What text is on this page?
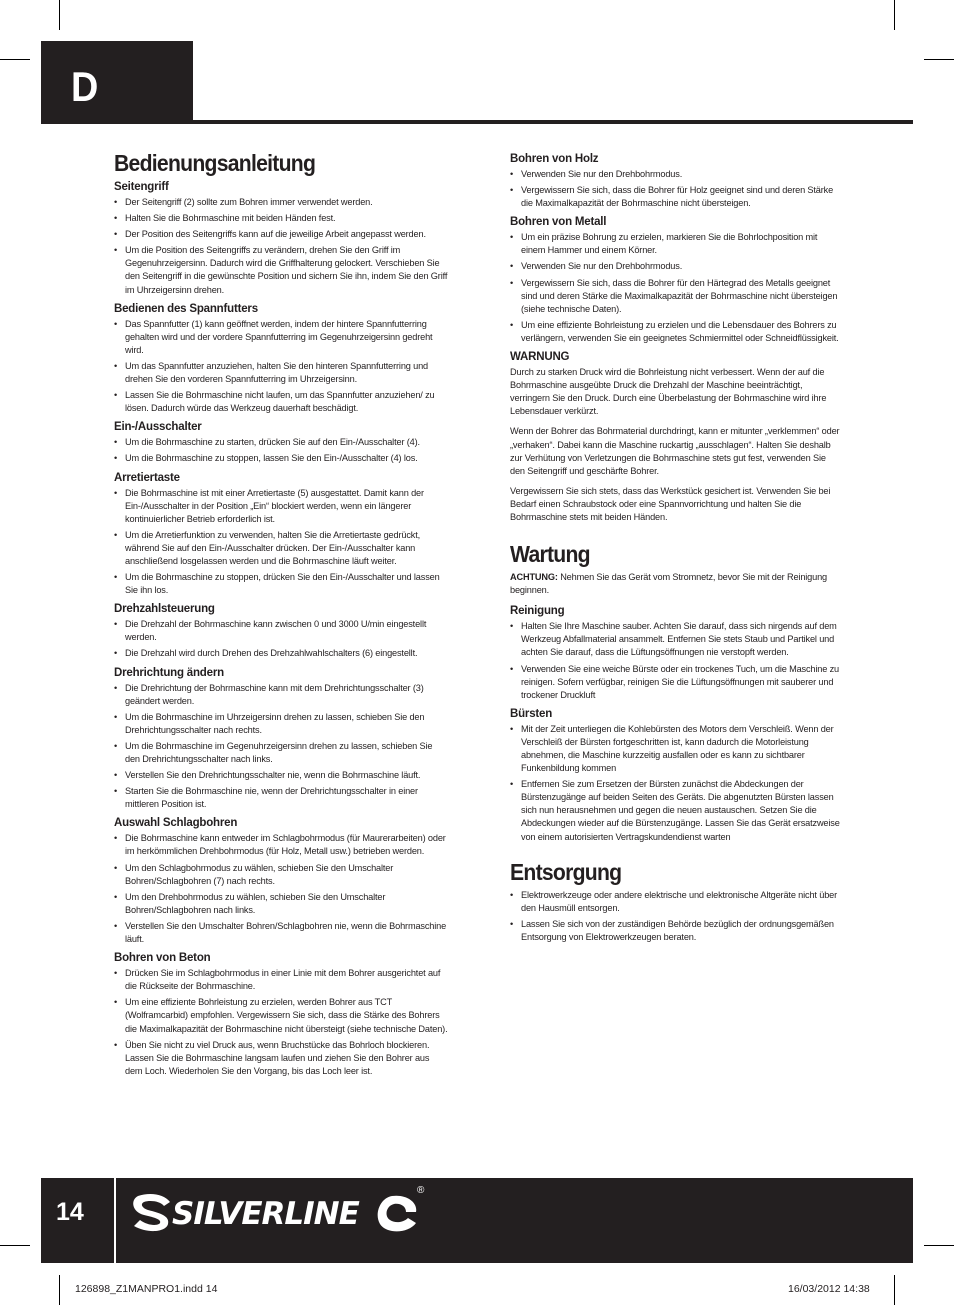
D
Bedienungsanleitung
Seitengriff
• Der Seitengriff (2) sollte zum Bohren immer verwendet werden.
• Halten Sie die Bohrmaschine mit beiden Händen fest.
• Der Position des Seitengriffs kann auf die jeweilige Arbeit angepasst werden.
• Um die Position des Seitengriffs zu verändern, drehen Sie den Griff im Gegenuhrzeigersinn. Dadurch wird die Griffhalterung gelockert. Verschieben Sie den Seitengriff in die gewünschte Position und sichern Sie ihn, indem Sie den Griff im Uhrzeigersinn drehen.
Bedienen des Spannfutters
• Das Spannfutter (1) kann geöffnet werden, indem der hintere Spannfutterring gehalten wird und der vordere Spannfutterring im Gegenuhrzeigersinn gedreht wird.
• Um das Spannfutter anzuziehen, halten Sie den hinteren Spannfutterring und drehen Sie den vorderen Spannfutterring im Uhrzeigersinn.
• Lassen Sie die Bohrmaschine nicht laufen, um das Spannfutter anzuziehen/ zu lösen. Dadurch würde das Werkzeug dauerhaft beschädigt.
Ein-/Ausschalter
• Um die Bohrmaschine zu starten, drücken Sie auf den Ein-/Ausschalter (4).
• Um die Bohrmaschine zu stoppen, lassen Sie den Ein-/Ausschalter (4) los.
Arretiertaste
• Die Bohrmaschine ist mit einer Arretiertaste (5) ausgestattet. Damit kann der Ein-/Ausschalter in der Position „Ein“ blockiert werden, wenn ein längerer kontinuierlicher Betrieb erforderlich ist.
• Um die Arretierfunktion zu verwenden, halten Sie die Arretiertaste gedrückt, während Sie auf den Ein-/Ausschalter drücken. Der Ein-/Ausschalter kann anschließend losgelassen werden und die Bohrmaschine läuft weiter.
• Um die Bohrmaschine zu stoppen, drücken Sie den Ein-/Ausschalter und lassen Sie ihn los.
Drehzahlsteuerung
• Die Drehzahl der Bohrmaschine kann zwischen 0 und 3000 U/min eingestellt werden.
• Die Drehzahl wird durch Drehen des Drehzahlwahlschalters (6) eingestellt.
Drehrichtung ändern
• Die Drehrichtung der Bohrmaschine kann mit dem Drehrichtungsschalter (3) geändert werden.
• Um die Bohrmaschine im Uhrzeigersinn drehen zu lassen, schieben Sie den Drehrichtungsschalter nach rechts.
• Um die Bohrmaschine im Gegenuhrzeigersinn drehen zu lassen, schieben Sie den Drehrichtungsschalter nach links.
• Verstellen Sie den Drehrichtungsschalter nie, wenn die Bohrmaschine läuft.
• Starten Sie die Bohrmaschine nie, wenn der Drehrichtungsschalter in einer mittleren Position ist.
Auswahl Schlagbohren
• Die Bohrmaschine kann entweder im Schlagbohrmodus (für Maurerarbeiten) oder im herkömmlichen Drehbohrmodus (für Holz, Metall usw.) betrieben werden.
• Um den Schlagbohrmodus zu wählen, schieben Sie den Umschalter Bohren/Schlagbohren (7) nach rechts.
• Um den Drehbohrmodus zu wählen, schieben Sie den Umschalter Bohren/Schlagbohren nach links.
• Verstellen Sie den Umschalter Bohren/Schlagbohren nie, wenn die Bohrmaschine läuft.
Bohren von Beton
• Drücken Sie im Schlagbohrmodus in einer Linie mit dem Bohrer ausgerichtet auf die Rückseite der Bohrmaschine.
• Um eine effiziente Bohrleistung zu erzielen, werden Bohrer aus TCT (Wolframcarbid) empfohlen. Vergewissern Sie sich, dass die Stärke des Bohrers die Maximalkapazität der Bohrmaschine nicht übersteigt (siehe technische Daten).
• Üben Sie nicht zu viel Druck aus, wenn Bruchstücke das Bohrloch blockieren. Lassen Sie die Bohrmaschine langsam laufen und ziehen Sie den Bohrer aus dem Loch. Wiederholen Sie den Vorgang, bis das Loch leer ist.
Bohren von Holz
• Verwenden Sie nur den Drehbohrmodus.
• Vergewissern Sie sich, dass die Bohrer für Holz geeignet sind und deren Stärke die Maximalkapazität der Bohrmaschine nicht übersteigen.
Bohren von Metall
• Um ein präzise Bohrung zu erzielen, markieren Sie die Bohrlochposition mit einem Hammer und einem Körner.
• Verwenden Sie nur den Drehbohrmodus.
• Vergewissern Sie sich, dass die Bohrer für den Härtegrad des Metalls geeignet sind und deren Stärke die Maximalkapazität der Bohrmaschine nicht übersteigen (siehe technische Daten).
• Um eine effiziente Bohrleistung zu erzielen und die Lebensdauer des Bohrers zu verlängern, verwenden Sie ein geeignetes Schmiermittel oder Schneidflüssigkeit.
WARNUNG

Durch zu starken Druck wird die Bohrleistung nicht verbessert. Wenn der auf die Bohrmaschine ausgeübte Druck die Drehzahl der Maschine beeinträchtigt, verringern Sie den Druck. Durch eine Überbelastung der Bohrmaschine wird ihre Lebensdauer verkürzt.

Wenn der Bohrer das Bohrmaterial durchdringt, kann er mitunter „verklemmen“ oder „verhaken“. Dabei kann die Maschine ruckartig „ausschlagen“. Halten Sie deshalb zur Verhütung von Verletzungen die Bohrmaschine stets gut fest, verwenden Sie den Seitengriff und geschärfte Bohrer.

Vergewissern Sie sich stets, dass das Werkstück gesichert ist. Verwenden Sie bei Bedarf einen Schraubstock oder eine Spannvorrichtung und halten Sie die Bohrmaschine stets mit beiden Händen.

Wartung

ACHTUNG: Nehmen Sie das Gerät vom Stromnetz, bevor Sie mit der Reinigung beginnen.

Reinigung
• Halten Sie Ihre Maschine sauber. Achten Sie darauf, dass sich nirgends auf dem Werkzeug Abfallmaterial ansammelt. Entfernen Sie stets Staub und Partikel und achten Sie darauf, dass die Lüftungsöffnungen nie verstopft werden.
• Verwenden Sie eine weiche Bürste oder ein trockenes Tuch, um die Maschine zu reinigen. Sofern verfügbar, reinigen Sie die Lüftungsöffnungen mit sauberer und trockener Druckluft
Bürsten
• Mit der Zeit unterliegen die Kohlebürsten des Motors dem Verschleiß. Wenn der Verschleiß der Bürsten fortgeschritten ist, kann dadurch die Motorleistung abnehmen, die Maschine kurzzeitig ausfallen oder es kann zu sichtbarer Funkenbildung kommen
• Entfernen Sie zum Ersetzen der Bürsten zunächst die Abdeckungen der Bürstenzugänge auf beiden Seiten des Geräts. Die abgenutzten Bürsten lassen sich nun herausnehmen und gegen die neuen austauschen. Setzen Sie die Abdeckungen wieder auf die Bürstenzugänge. Lassen Sie das Gerät ersatzweise von einem autorisierten Vertragskundendienst warten
Entsorgung
• Elektrowerkzeuge oder andere elektrische und elektronische Altgeräte nicht über den Hausmüll entsorgen.
• Lassen Sie sich von der zuständigen Behörde bezüglich der ordnungsgemäßen Entsorgung von Elektrowerkzeugen beraten.
14	SILVERLINE
®
126898_Z1MANPRO1.indd 14	16/03/2012 14:38
